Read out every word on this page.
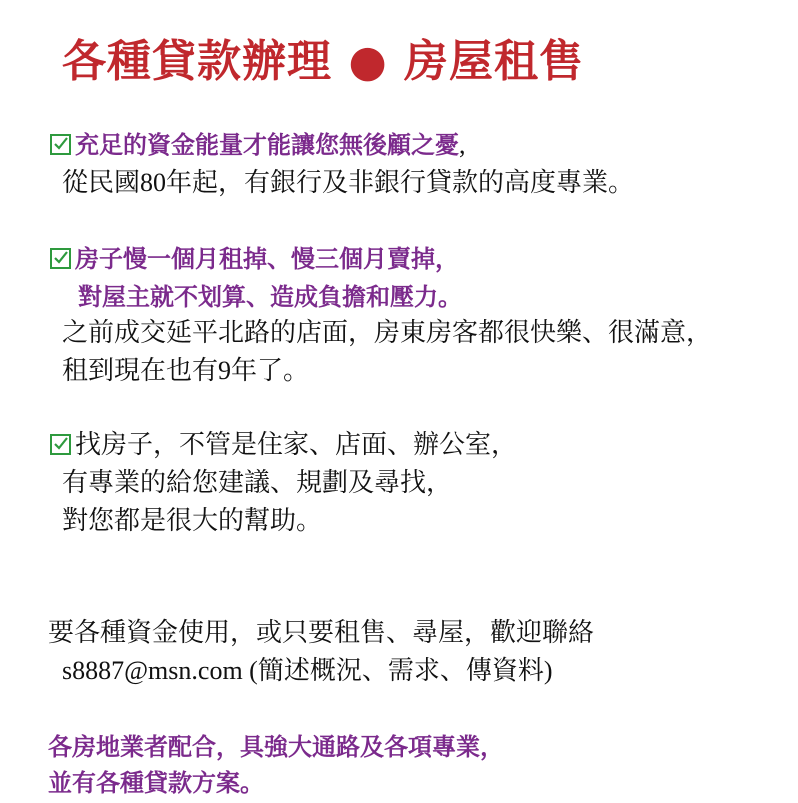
各種貸款辦理 ● 房屋租售
充足的資金能量才能讓您無後顧之憂,
從民國80年起，有銀行及非銀行貸款的高度專業。
房子慢一個月租掉、慢三個月賣掉，
對屋主就不划算、造成負擔和壓力。
之前成交延平北路的店面，房東房客都很快樂、很滿意，
租到現在也有9年了。
找房子，不管是住家、店面、辦公室，
有專業的給您建議、規劃及尋找，
對您都是很大的幫助。
要各種資金使用，或只要租售、尋屋，歡迎聯絡
s8887@msn.com (簡述概況、需求、傳資料)
各房地業者配合，具強大通路及各項專業，
並有各種貸款方案。
